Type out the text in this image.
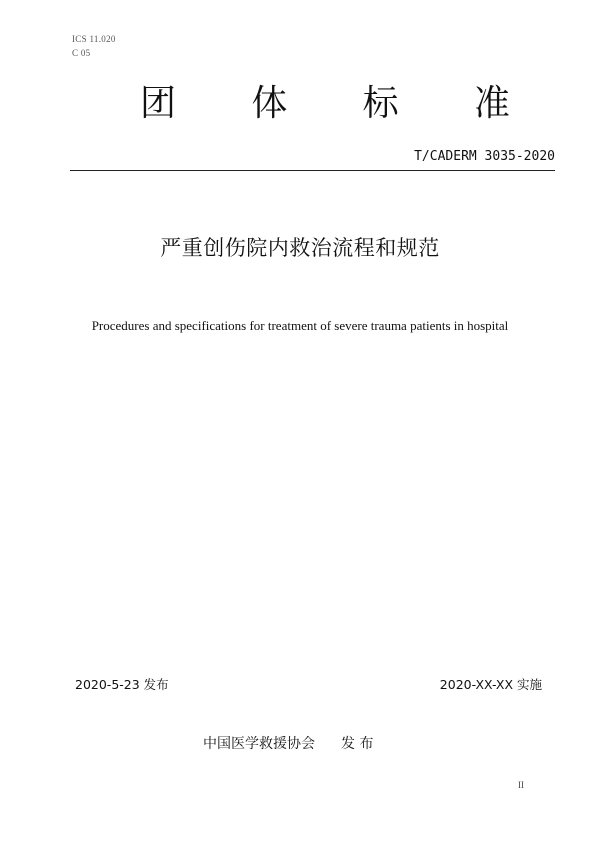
ICS 11.020
C 05
团 体 标 准
T/CADERM 3035-2020
严重创伤院内救治流程和规范
Procedures and specifications for treatment of severe trauma patients in hospital
2020-5-23 发布	2020-XX-XX 实施
中国医学救援协会 发 布
II
